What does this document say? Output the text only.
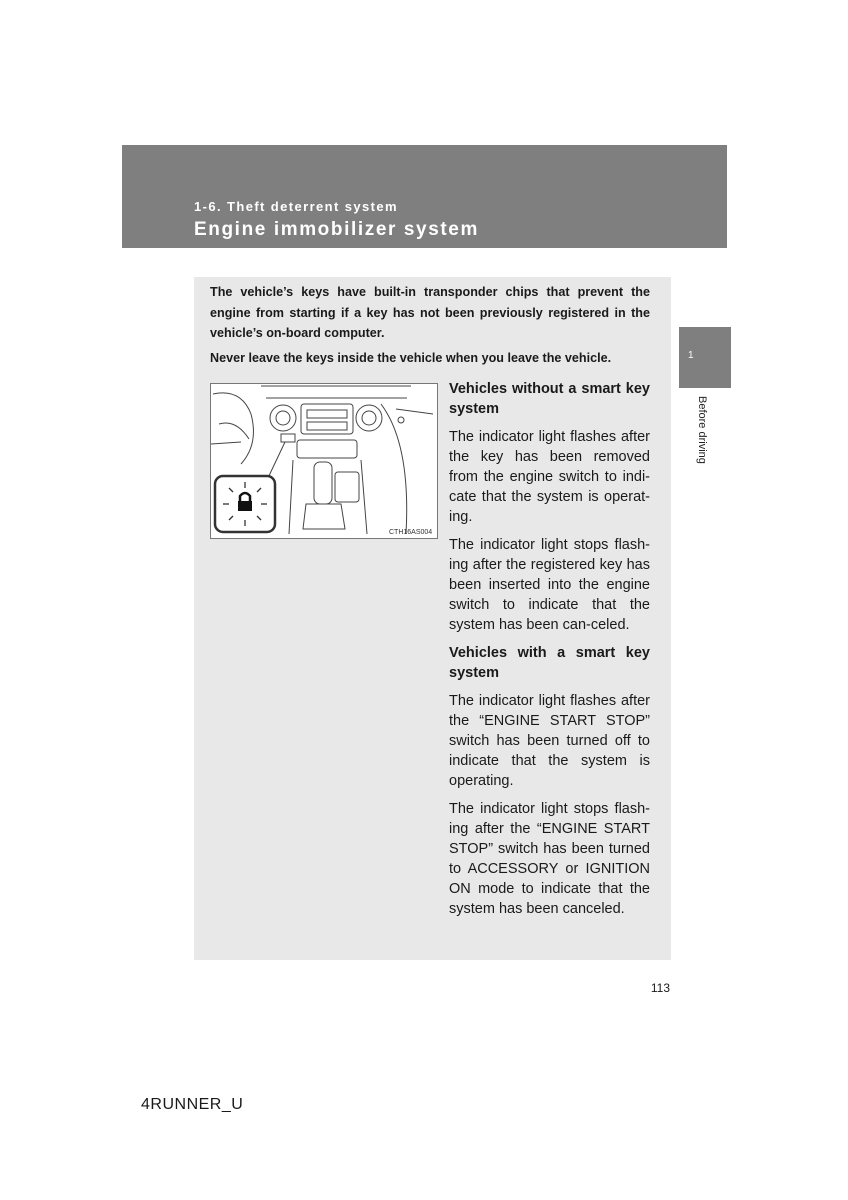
1-6. Theft deterrent system
Engine immobilizer system
1
Before driving

The vehicle’s keys have built-in transponder chips that prevent the engine from starting if a key has not been previously registered in the vehicle’s on-board computer.

Never leave the keys inside the vehicle when you leave the vehicle.

CTH16AS004

Vehicles without a smart key system

The indicator light flashes after the key has been removed from the engine switch to indi-cate that the system is operat-ing.

The indicator light stops flash-ing after the registered key has been inserted into the engine switch to indicate that the system has been can-celed.

Vehicles with a smart key system

The indicator light flashes after the “ENGINE START STOP” switch has been turned off to indicate that the system is operating.

The indicator light stops flash-ing after the “ENGINE START STOP” switch has been turned to ACCESSORY or IGNITION ON mode to indicate that the system has been canceled.

113
4RUNNER_U
